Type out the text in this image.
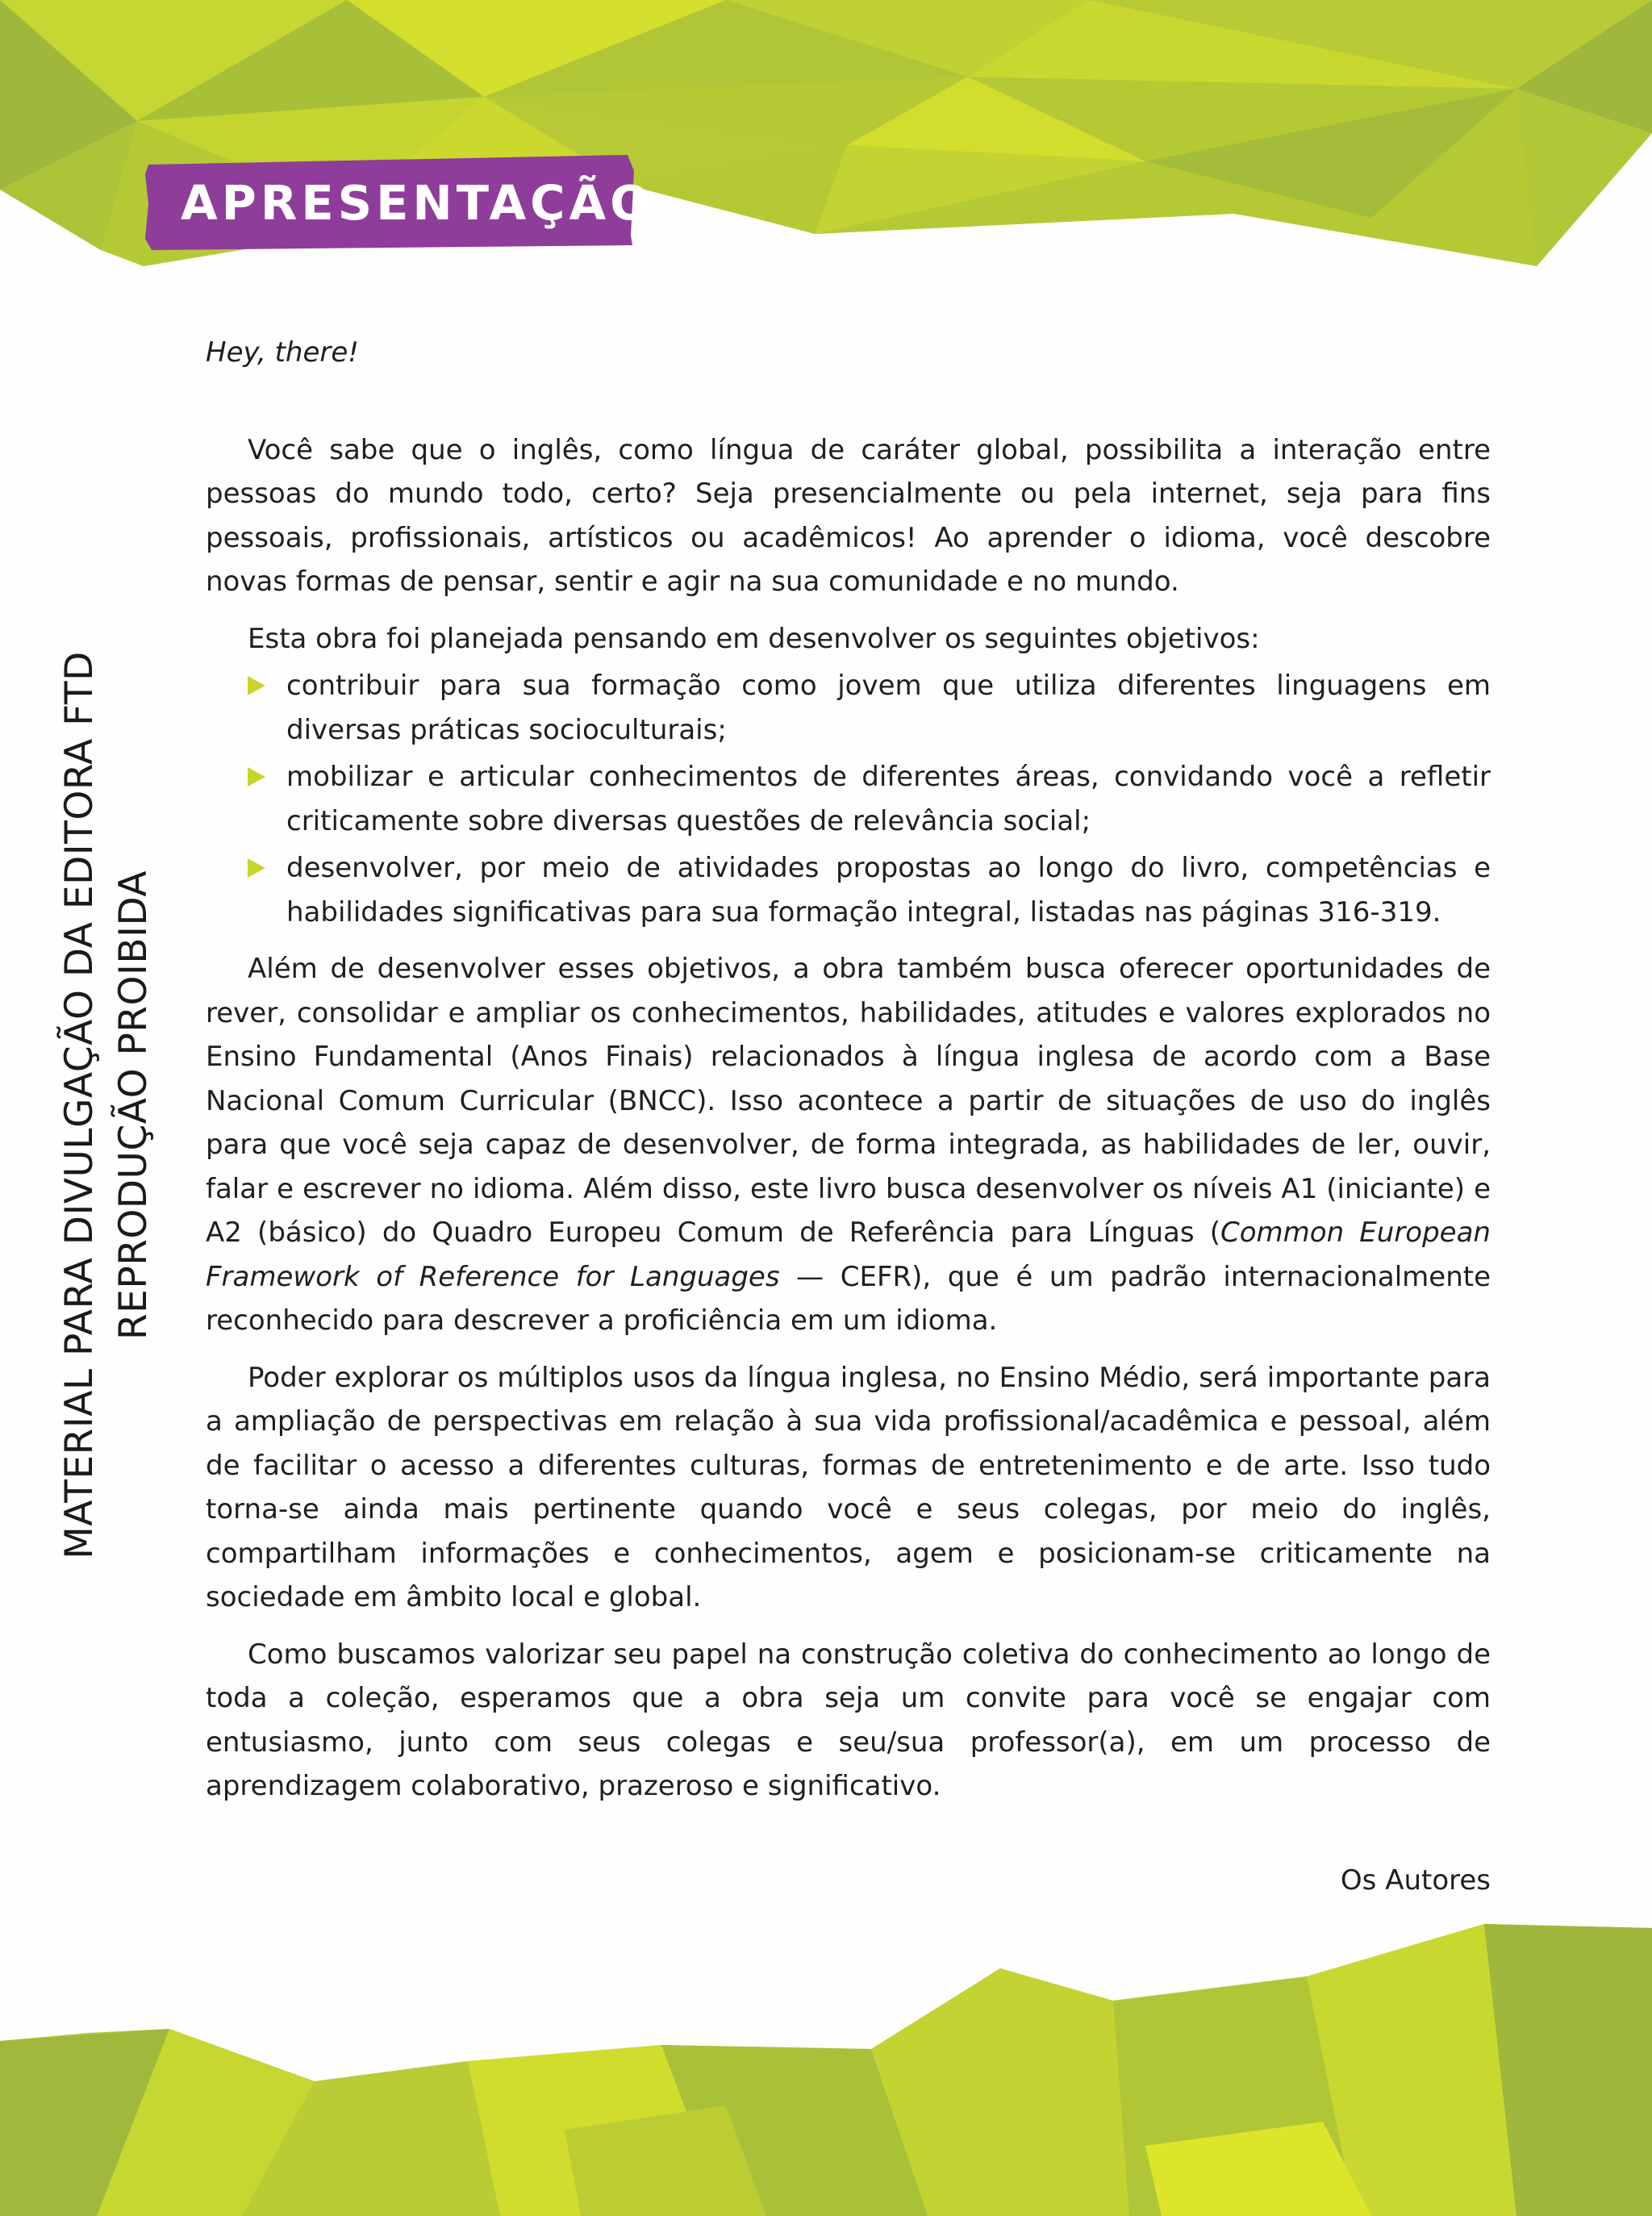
APRESENTAÇÃO
MATERIAL PARA DIVULGAÇÃO DA EDITORA FTD REPRODUÇÃO PROIBIDA

Hey, there!

Você sabe que o inglês, como língua de caráter global, possibilita a interação entre pessoas do mundo todo, certo? Seja presencialmente ou pela internet, seja para fins pessoais, profissionais, artísticos ou acadêmicos! Ao aprender o idioma, você descobre novas formas de pensar, sentir e agir na sua comunidade e no mundo.

Esta obra foi planejada pensando em desenvolver os seguintes objetivos:

contribuir para sua formação como jovem que utiliza diferentes linguagens em diversas práticas socioculturais;
mobilizar e articular conhecimentos de diferentes áreas, convidando você a refletir criticamente sobre diversas questões de relevância social;
desenvolver, por meio de atividades propostas ao longo do livro, competências e habilidades significativas para sua formação integral, listadas nas páginas 316-319.

Além de desenvolver esses objetivos, a obra também busca oferecer oportunidades de rever, consolidar e ampliar os conhecimentos, habilidades, atitudes e valores explorados no Ensino Fundamental (Anos Finais) relacionados à língua inglesa de acordo com a Base Nacional Comum Curricular (BNCC). Isso acontece a partir de situações de uso do inglês para que você seja capaz de desenvolver, de forma integrada, as habilidades de ler, ouvir, falar e escrever no idioma. Além disso, este livro busca desenvolver os níveis A1 (iniciante) e A2 (básico) do Quadro Europeu Comum de Referência para Línguas (Common European Framework of Reference for Languages — CEFR), que é um padrão internacionalmente reconhecido para descrever a proficiência em um idioma.

Poder explorar os múltiplos usos da língua inglesa, no Ensino Médio, será importante para a ampliação de perspectivas em relação à sua vida profissional/acadêmica e pessoal, além de facilitar o acesso a diferentes culturas, formas de entretenimento e de arte. Isso tudo torna-se ainda mais pertinente quando você e seus colegas, por meio do inglês, compartilham informações e conhecimentos, agem e posicionam-se criticamente na sociedade em âmbito local e global.

Como buscamos valorizar seu papel na construção coletiva do conhecimento ao longo de toda a coleção, esperamos que a obra seja um convite para você se engajar com entusiasmo, junto com seus colegas e seu/sua professor(a), em um processo de aprendizagem colaborativo, prazeroso e significativo.

Os Autores
